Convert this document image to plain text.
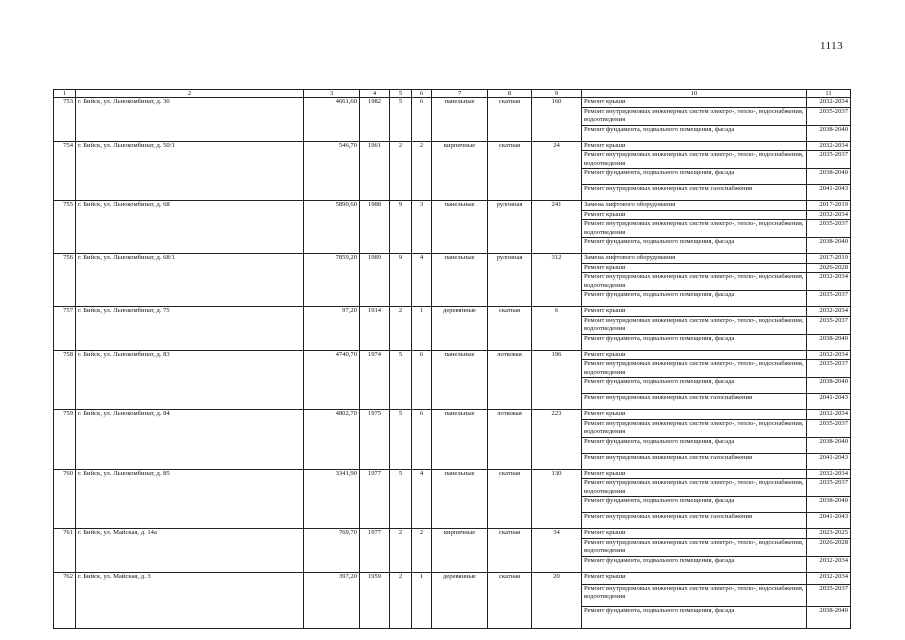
1113
1	2	3	4	5	6	7	8	9	10	11
753	г. Бийск, ул. Льнокомбинат, д. 30	4661,60	1982	5	6	панельные	скатная	160	Ремонт крыши	2032-2034
									Ремонт внутридомовых инженерных систем электро-, тепло-, водоснабжения, водоотведения	2035-2037
									Ремонт фундамента, подвального помещения, фасада	2038-2040
754	г. Бийск, ул. Льнокомбинат, д. 50/1	546,70	1961	2	2	кирпичные	скатная	24	Ремонт крыши	2032-2034
									Ремонт внутридомовых инженерных систем электро-, тепло-, водоснабжения, водоотведения	2035-2037
									Ремонт фундамента, подвального помещения, фасада	2038-2040
									Ремонт внутридомовых инженерных систем газоснабжения	2041-2043
755	г. Бийск, ул. Льнокомбинат, д. 68	5890,60	1988	9	3	панельные	рулонная	241	Замена лифтового оборудования	2017-2019
									Ремонт крыши	2032-2034
									Ремонт внутридомовых инженерных систем электро-, тепло-, водоснабжения, водоотведения	2035-2037
									Ремонт фундамента, подвального помещения, фасада	2038-2040
756	г. Бийск, ул. Льнокомбинат, д. 68/1	7859,20	1989	9	4	панельные	рулонная	312	Замена лифтового оборудования	2017-2019
									Ремонт крыши	2026-2028
									Ремонт внутридомовых инженерных систем электро-, тепло-, водоснабжения, водоотведения	2032-2034
									Ремонт фундамента, подвального помещения, фасада	2035-2037
757	г. Бийск, ул. Льнокомбинат, д. 75	97,20	1914	2	1	деревянные	скатная	6	Ремонт крыши	2032-2034
									Ремонт внутридомовых инженерных систем электро-, тепло-, водоснабжения, водоотведения	2035-2037
									Ремонт фундамента, подвального помещения, фасада	2038-2040
758	г. Бийск, ул. Льнокомбинат, д. 83	4740,70	1974	5	6	панельные	лотковая	196	Ремонт крыши	2032-2034
									Ремонт внутридомовых инженерных систем электро-, тепло-, водоснабжения, водоотведения	2035-2037
									Ремонт фундамента, подвального помещения, фасада	2038-2040
									Ремонт внутридомовых инженерных систем газоснабжения	2041-2043
759	г. Бийск, ул. Льнокомбинат, д. 84	4802,70	1975	5	6	панельные	лотковая	223	Ремонт крыши	2032-2034
									Ремонт внутридомовых инженерных систем электро-, тепло-, водоснабжения, водоотведения	2035-2037
									Ремонт фундамента, подвального помещения, фасада	2038-2040
									Ремонт внутридомовых инженерных систем газоснабжения	2041-2043
760	г. Бийск, ул. Льнокомбинат, д. 85	3341,90	1977	5	4	панельные	скатная	130	Ремонт крыши	2032-2034
									Ремонт внутридомовых инженерных систем электро-, тепло-, водоснабжения, водоотведения	2035-2037
									Ремонт фундамента, подвального помещения, фасада	2038-2040
									Ремонт внутридомовых инженерных систем газоснабжения	2041-2043
761	г. Бийск, ул. Майская, д. 14а	769,70	1977	2	2	кирпичные	скатная	34	Ремонт крыши	2023-2025
									Ремонт внутридомовых инженерных систем электро-, тепло-, водоснабжения, водоотведения	2026-2028
									Ремонт фундамента, подвального помещения, фасада	2032-2034
762	г. Бийск, ул. Майская, д. 3	397,20	1959	2	1	деревянные	скатная	20	Ремонт крыши	2032-2034
									Ремонт внутридомовых инженерных систем электро-, тепло-, водоснабжения, водоотведения	2035-2037
									Ремонт фундамента, подвального помещения, фасада	2038-2040
